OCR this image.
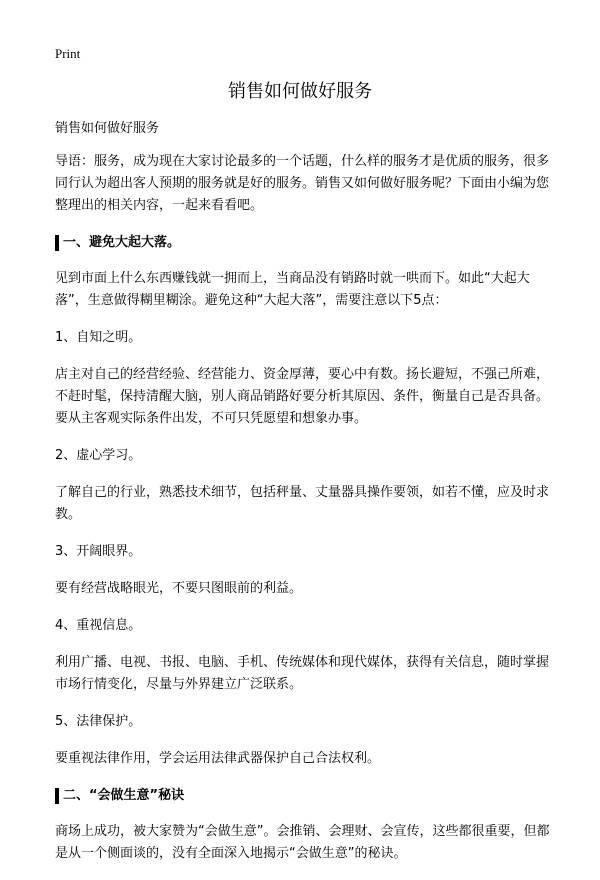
Print
销售如何做好服务

销售如何做好服务

导语：服务，成为现在大家讨论最多的一个话题，什么样的服务才是优质的服务，很多同行认为超出客人预期的服务就是好的服务。销售又如何做好服务呢？下面由小编为您整理出的相关内容，一起来看看吧。

一、避免大起大落。

见到市面上什么东西赚钱就一拥而上，当商品没有销路时就一哄而下。如此“大起大落”，生意做得糊里糊涂。避免这种“大起大落”，需要注意以下5点：

1、自知之明。

店主对自己的经营经验、经营能力、资金厚薄，要心中有数。扬长避短，不强己所难，不赶时髦，保持清醒大脑，别人商品销路好要分析其原因、条件，衡量自己是否具备。要从主客观实际条件出发，不可只凭愿望和想象办事。

2、虚心学习。

了解自己的行业，熟悉技术细节，包括秤量、丈量器具操作要领，如若不懂，应及时求教。

3、开阔眼界。

要有经营战略眼光，不要只图眼前的利益。

4、重视信息。

利用广播、电视、书报、电脑、手机、传统媒体和现代媒体，获得有关信息，随时掌握市场行情变化，尽量与外界建立广泛联系。

5、法律保护。

要重视法律作用，学会运用法律武器保护自己合法权利。

二、“会做生意”秘诀

商场上成功，被大家赞为“会做生意”。会推销、会理财、会宣传，这些都很重要，但都是从一个侧面谈的，没有全面深入地揭示“会做生意”的秘诀。
